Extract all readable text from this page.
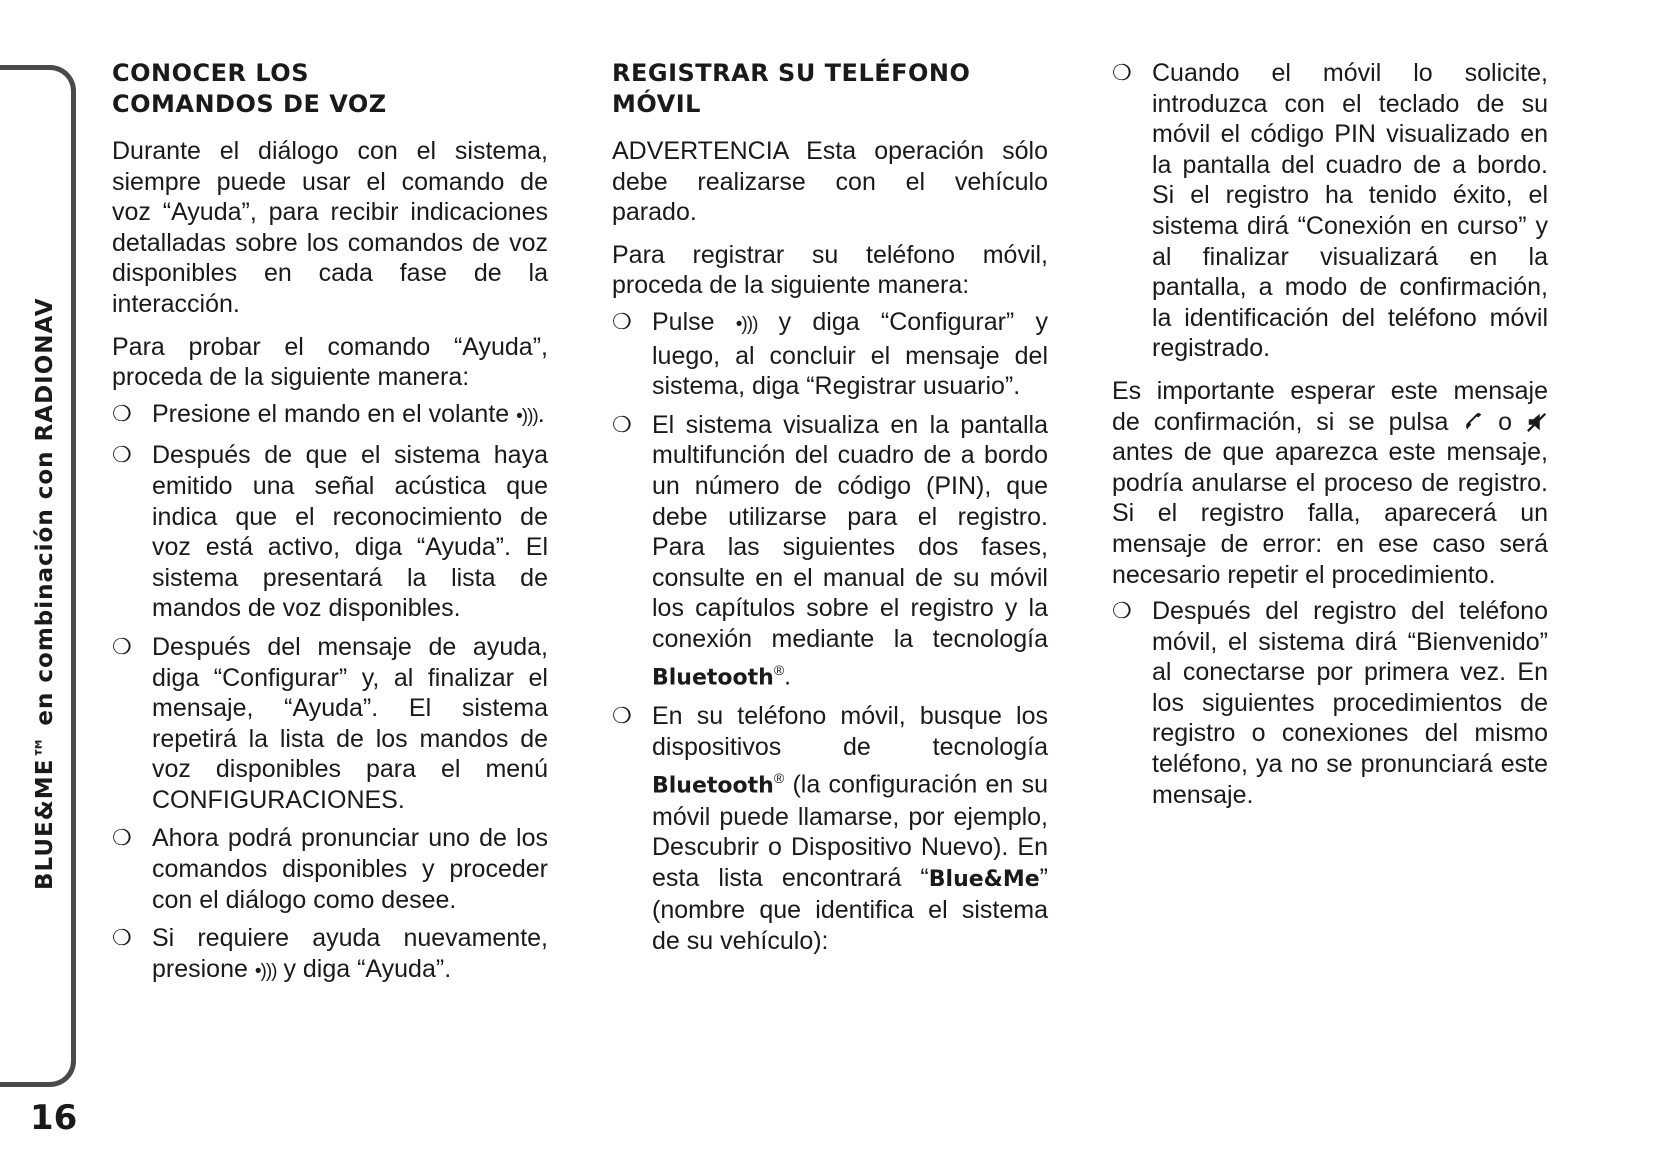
BLUE&ME™ en combinación con RADIONAV
16
CONOCER LOS
COMANDOS DE VOZ

Durante el diálogo con el sistema, siempre puede usar el comando de voz “Ayuda”, para recibir indicaciones detalladas sobre los comandos de voz disponibles en cada fase de la interacción.

Para probar el comando “Ayuda”, proceda de la siguiente manera:

❍ Presione el mando en el volante •))).
❍ Después de que el sistema haya emitido una señal acústica que indica que el reconocimiento de voz está activo, diga “Ayuda”. El sistema presentará la lista de mandos de voz disponibles.
❍ Después del mensaje de ayuda, diga “Configurar” y, al finalizar el mensaje, “Ayuda”. El sistema repetirá la lista de los mandos de voz disponibles para el menú CONFIGURACIONES.
❍ Ahora podrá pronunciar uno de los comandos disponibles y proceder con el diálogo como desee.
❍ Si requiere ayuda nuevamente, presione •))) y diga “Ayuda”.
REGISTRAR SU TELÉFONO
MÓVIL

ADVERTENCIA Esta operación sólo debe realizarse con el vehículo parado.

Para registrar su teléfono móvil, proceda de la siguiente manera:

❍ Pulse •))) y diga “Configurar” y luego, al concluir el mensaje del sistema, diga “Registrar usuario”.
❍ El sistema visualiza en la pantalla multifunción del cuadro de a bordo un número de código (PIN), que debe utilizarse para el registro. Para las siguientes dos fases, consulte en el manual de su móvil los capítulos sobre el registro y la conexión mediante la tecnología Bluetooth®.
❍ En su teléfono móvil, busque los dispositivos de tecnología Bluetooth® (la configuración en su móvil puede llamarse, por ejemplo, Descubrir o Dispositivo Nuevo). En esta lista encontrará “Blue&Me” (nombre que identifica el sistema de su vehículo):
❍ Cuando el móvil lo solicite, introduzca con el teclado de su móvil el código PIN visualizado en la pantalla del cuadro de a bordo. Si el registro ha tenido éxito, el sistema dirá “Conexión en curso” y al finalizar visualizará en la pantalla, a modo de confirmación, la identificación del teléfono móvil registrado.

Es importante esperar este mensaje de confirmación, si se pulsa  o  antes de que aparezca este mensaje, podría anularse el proceso de registro. Si el registro falla, aparecerá un mensaje de error: en ese caso será necesario repetir el procedimiento.

❍ Después del registro del teléfono móvil, el sistema dirá “Bienvenido” al conectarse por primera vez. En los siguientes procedimientos de registro o conexiones del mismo teléfono, ya no se pronunciará este mensaje.
